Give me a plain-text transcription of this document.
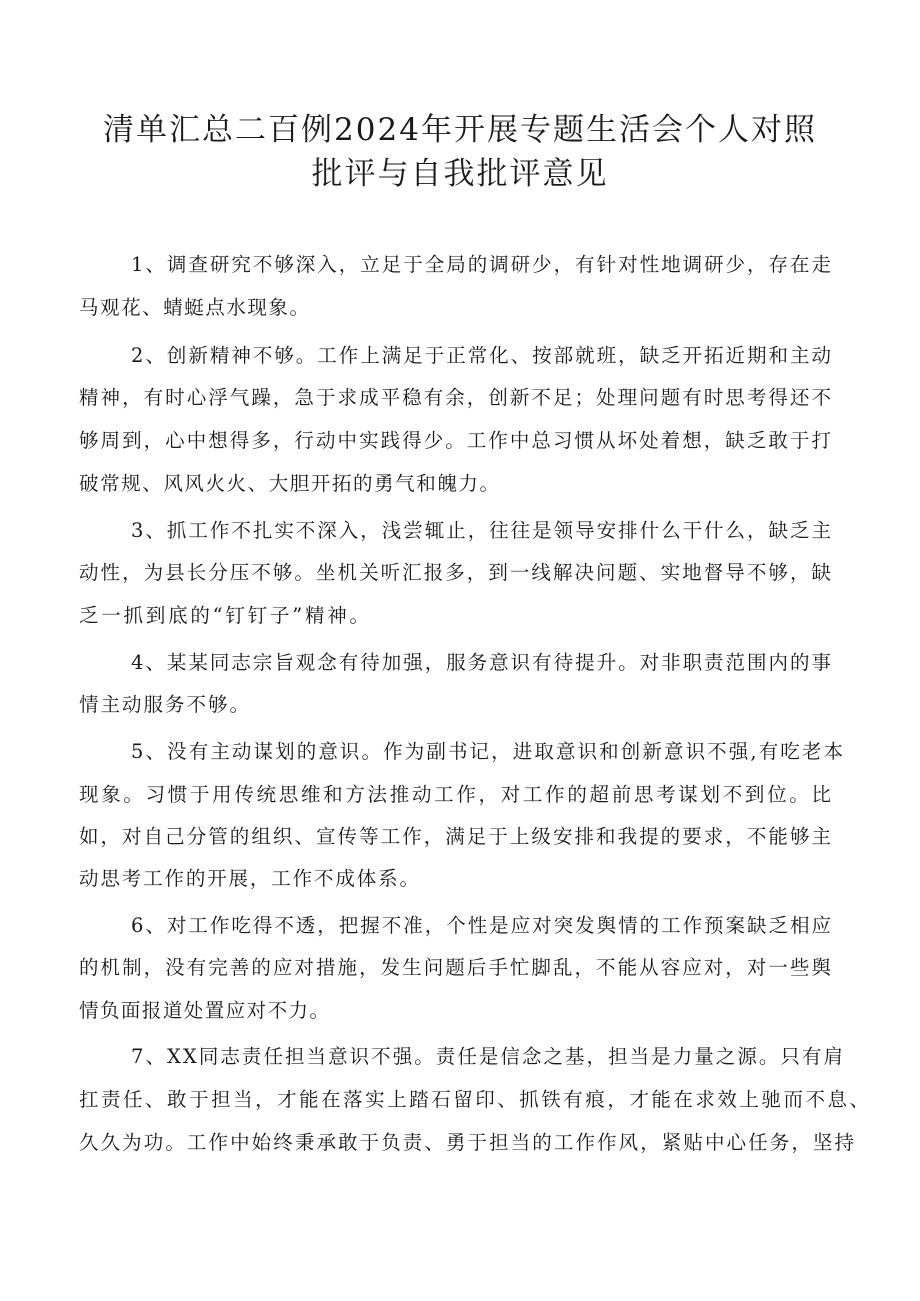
清单汇总二百例2024年开展专题生活会个人对照
批评与自我批评意见
1、调查研究不够深入，立足于全局的调研少，有针对性地调研少，存在走
马观花、蜻蜓点水现象。
2、创新精神不够。工作上满足于正常化、按部就班，缺乏开拓近期和主动
精神，有时心浮气躁，急于求成平稳有余，创新不足；处理问题有时思考得还不
够周到，心中想得多，行动中实践得少。工作中总习惯从坏处着想，缺乏敢于打
破常规、风风火火、大胆开拓的勇气和魄力。
3、抓工作不扎实不深入，浅尝辄止，往往是领导安排什么干什么，缺乏主
动性，为县长分压不够。坐机关听汇报多，到一线解决问题、实地督导不够，缺
乏一抓到底的“钉钉子”精神。
4、某某同志宗旨观念有待加强，服务意识有待提升。对非职责范围内的事
情主动服务不够。
5、没有主动谋划的意识。作为副书记，进取意识和创新意识不强,有吃老本
现象。习惯于用传统思维和方法推动工作，对工作的超前思考谋划不到位。比
如，对自己分管的组织、宣传等工作，满足于上级安排和我提的要求，不能够主
动思考工作的开展，工作不成体系。
6、对工作吃得不透，把握不准，个性是应对突发舆情的工作预案缺乏相应
的机制，没有完善的应对措施，发生问题后手忙脚乱，不能从容应对，对一些舆
情负面报道处置应对不力。
7、XX同志责任担当意识不强。责任是信念之基，担当是力量之源。只有肩
扛责任、敢于担当，才能在落实上踏石留印、抓铁有痕，才能在求效上驰而不息、
久久为功。工作中始终秉承敢于负责、勇于担当的工作作风，紧贴中心任务，坚持
